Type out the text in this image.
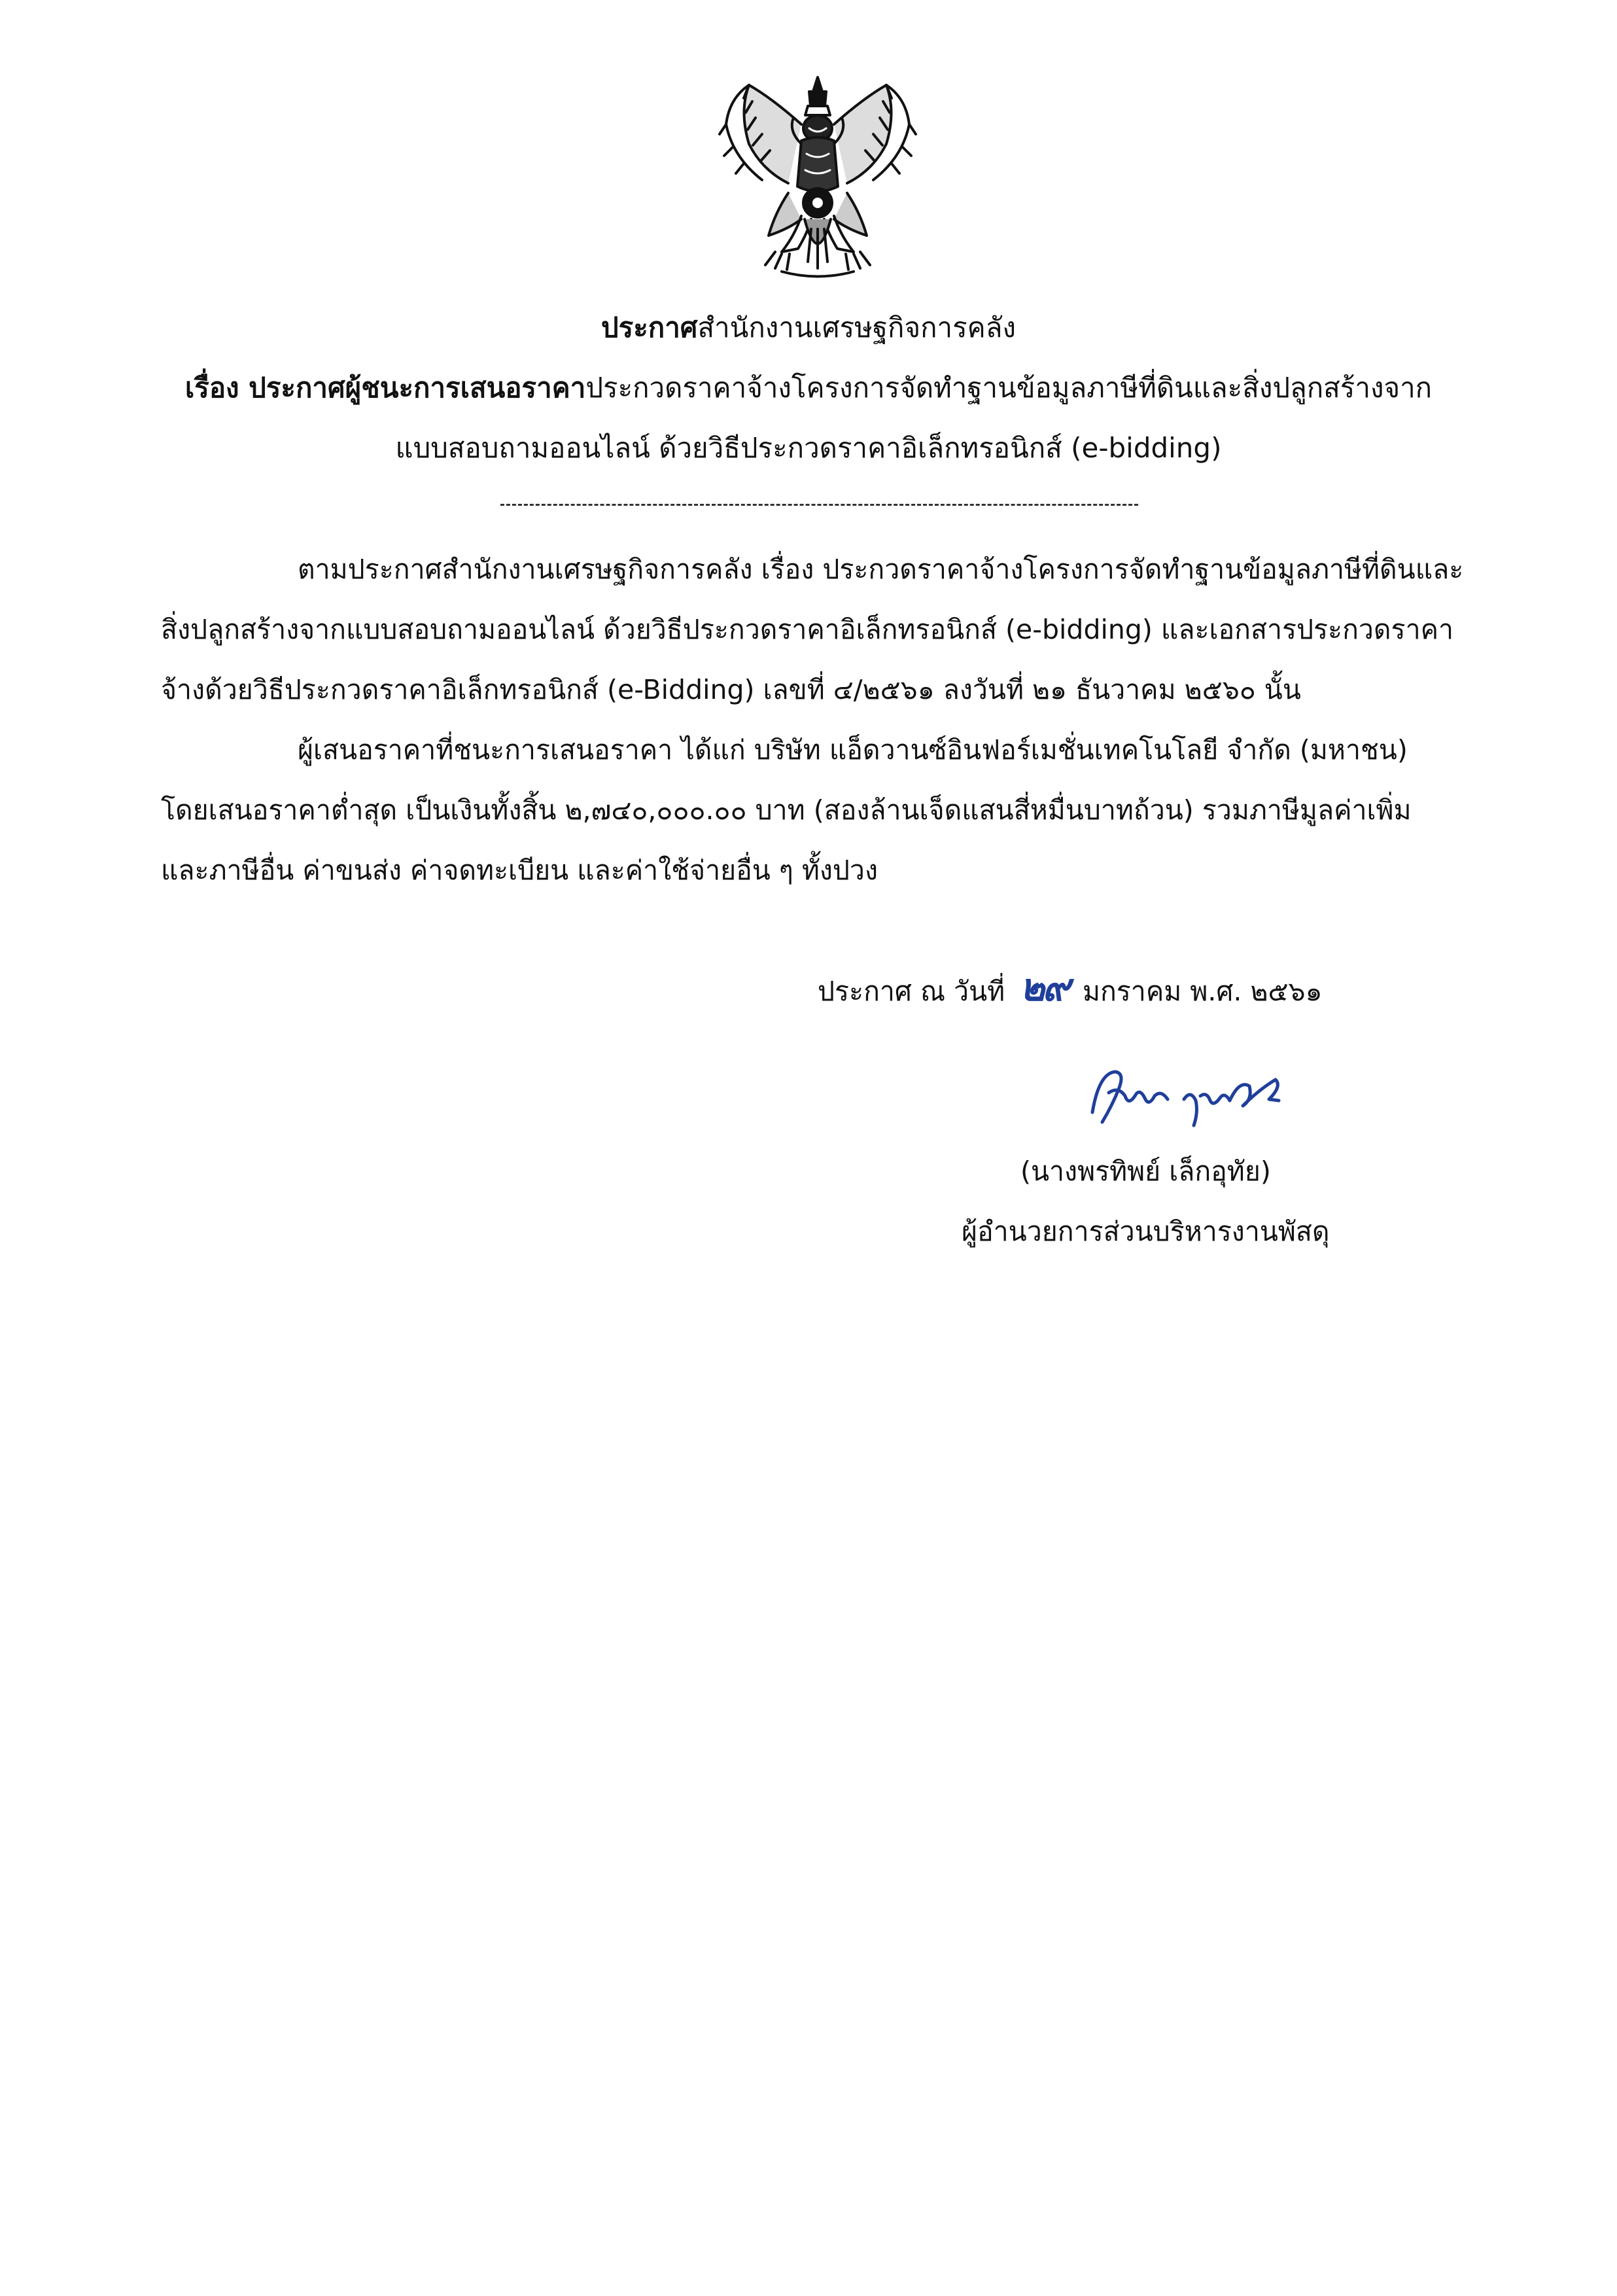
ประกาศสำนักงานเศรษฐกิจการคลัง
เรื่อง ประกาศผู้ชนะการเสนอราคาประกวดราคาจ้างโครงการจัดทำฐานข้อมูลภาษีที่ดินและสิ่งปลูกสร้างจาก
แบบสอบถามออนไลน์ ด้วยวิธีประกวดราคาอิเล็กทรอนิกส์ (e-bidding)
ตามประกาศสำนักงานเศรษฐกิจการคลัง เรื่อง ประกวดราคาจ้างโครงการจัดทำฐานข้อมูลภาษีที่ดินและ
สิ่งปลูกสร้างจากแบบสอบถามออนไลน์ ด้วยวิธีประกวดราคาอิเล็กทรอนิกส์ (e-bidding) และเอกสารประกวดราคา
จ้างด้วยวิธีประกวดราคาอิเล็กทรอนิกส์ (e-Bidding) เลขที่ ๔/๒๕๖๑ ลงวันที่ ๒๑ ธันวาคม ๒๕๖๐ นั้น
ผู้เสนอราคาที่ชนะการเสนอราคา ได้แก่ บริษัท แอ็ดวานซ์อินฟอร์เมชั่นเทคโนโลยี จำกัด (มหาชน)
โดยเสนอราคาต่ำสุด เป็นเงินทั้งสิ้น ๒,๗๔๐,๐๐๐.๐๐ บาท (สองล้านเจ็ดแสนสี่หมื่นบาทถ้วน) รวมภาษีมูลค่าเพิ่ม
และภาษีอื่น ค่าขนส่ง ค่าจดทะเบียน และค่าใช้จ่ายอื่น ๆ ทั้งปวง
ประกาศ ณ วันที่ ๒๙ มกราคม พ.ศ. ๒๕๖๑
(นางพรทิพย์ เล็กอุทัย)
ผู้อำนวยการส่วนบริหารงานพัสดุ
